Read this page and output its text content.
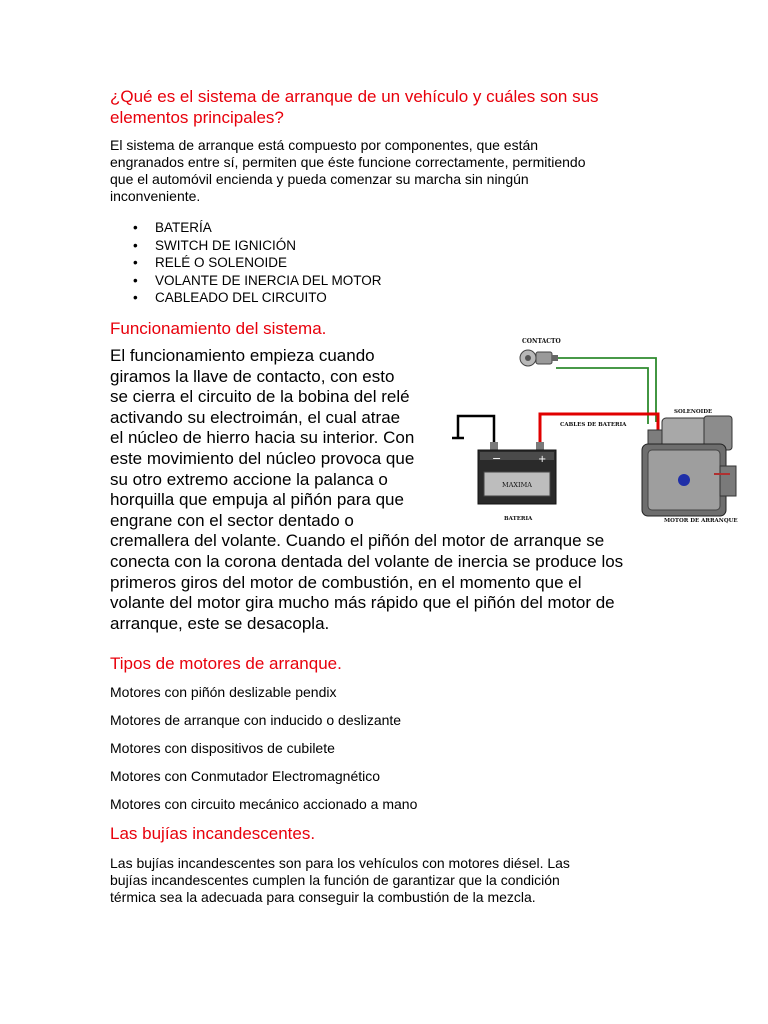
¿Qué es el sistema de arranque de un vehículo y cuáles son sus
elementos principales?

El sistema de arranque está compuesto por componentes, que están
engranados entre sí, permiten que éste funcione correctamente, permitiendo
que el automóvil encienda y pueda comenzar su marcha sin ningún
inconveniente.

• BATERÍA
• SWITCH DE IGNICIÓN
• RELÉ O SOLENOIDE
• VOLANTE DE INERCIA DEL MOTOR
• CABLEADO DEL CIRCUITO
Funcionamiento del sistema.

El funcionamiento empieza cuando
giramos la llave de contacto, con esto
se cierra el circuito de la bobina del relé
activando su electroimán, el cual atrae
el núcleo de hierro hacia su interior. Con
este movimiento del núcleo provoca que
su otro extremo accione la palanca o
horquilla que empuja al piñón para que
engrane con el sector dentado o
cremallera del volante. Cuando el piñón del motor de arranque se
conecta con la corona dentada del volante de inercia se produce los
primeros giros del motor de combustión, en el momento que el
volante del motor gira mucho más rápido que el piñón del motor de
arranque, este se desacopla.

−	+
MAXIMA
CONTACTO
CABLES DE BATERIA
SOLENOIDE
BATERIA	MOTOR DE ARRANQUE
Tipos de motores de arranque.

Motores con piñón deslizable pendix

Motores de arranque con inducido o deslizante

Motores con dispositivos de cubilete

Motores con Conmutador Electromagnético

Motores con circuito mecánico accionado a mano

Las bujías incandescentes.

Las bujías incandescentes son para los vehículos con motores diésel. Las
bujías incandescentes cumplen la función de garantizar que la condición
térmica sea la adecuada para conseguir la combustión de la mezcla.
